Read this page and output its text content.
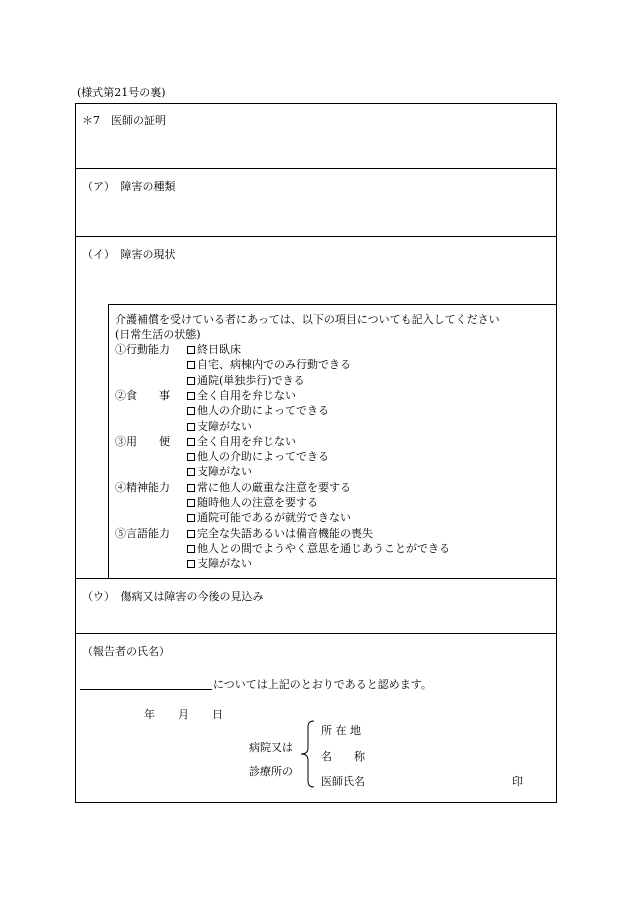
(様式第21号の裏)
＊7　医師の証明
（ア）　障害の種類
（イ）　障害の現状
介護補償を受けている者にあっては、以下の項目についても記入してください
(日常生活の状態)
①行動能力	終日臥床
自宅、病棟内でのみ行動できる
通院(単独歩行)できる
②食　　事	全く自用を弁じない
他人の介助によってできる
支障がない
③用　　便	全く自用を弁じない
他人の介助によってできる
支障がない
④精神能力	常に他人の厳重な注意を要する
随時他人の注意を要する
通院可能であるが就労できない
⑤言語能力	完全な失語あるいは備音機能の喪失
他人との間でようやく意思を通じあうことができる
支障がない
（ウ）　傷病又は障害の今後の見込み
（報告者の氏名）
については上記のとおりであると認めます。
年 月 日
病院又は
診療所の
所 在 地
名　　称
医師氏名	印
